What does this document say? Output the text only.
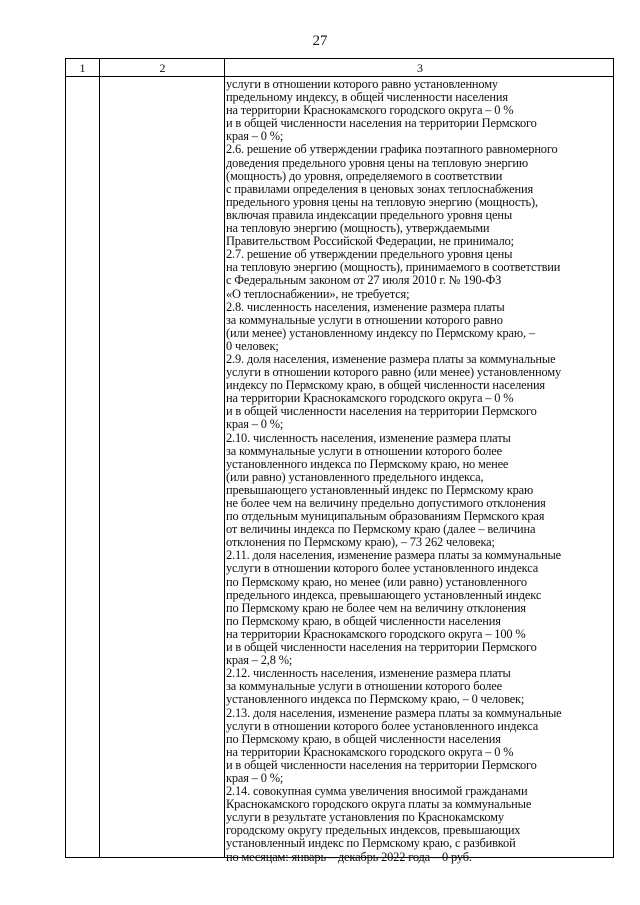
27
1	2	3
услуги в отношении которого равно установленному
предельному индексу, в общей численности населения
на территории Краснокамского городского округа – 0 %
и в общей численности населения на территории Пермского
края – 0 %;
2.6. решение об утверждении графика поэтапного равномерного
доведения предельного уровня цены на тепловую энергию
(мощность) до уровня, определяемого в соответствии
с правилами определения в ценовых зонах теплоснабжения
предельного уровня цены на тепловую энергию (мощность),
включая правила индексации предельного уровня цены
на тепловую энергию (мощность), утверждаемыми
Правительством Российской Федерации, не принимало;
2.7. решение об утверждении предельного уровня цены
на тепловую энергию (мощность), принимаемого в соответствии
с Федеральным законом от 27 июля 2010 г. № 190-ФЗ
«О теплоснабжении», не требуется;
2.8. численность населения, изменение размера платы
за коммунальные услуги в отношении которого равно
(или менее) установленному индексу по Пермскому краю, –
0 человек;
2.9. доля населения, изменение размера платы за коммунальные
услуги в отношении которого равно (или менее) установленному
индексу по Пермскому краю, в общей численности населения
на территории Краснокамского городского округа – 0 %
и в общей численности населения на территории Пермского
края – 0 %;
2.10. численность населения, изменение размера платы
за коммунальные услуги в отношении которого более
установленного индекса по Пермскому краю, но менее
(или равно) установленного предельного индекса,
превышающего установленный индекс по Пермскому краю
не более чем на величину предельно допустимого отклонения
по отдельным муниципальным образованиям Пермского края
от величины индекса по Пермскому краю (далее – величина
отклонения по Пермскому краю), – 73 262 человека;
2.11. доля населения, изменение размера платы за коммунальные
услуги в отношении которого более установленного индекса
по Пермскому краю, но менее (или равно) установленного
предельного индекса, превышающего установленный индекс
по Пермскому краю не более чем на величину отклонения
по Пермскому краю, в общей численности населения
на территории Краснокамского городского округа – 100 %
и в общей численности населения на территории Пермского
края – 2,8 %;
2.12. численность населения, изменение размера платы
за коммунальные услуги в отношении которого более
установленного индекса по Пермскому краю, – 0 человек;
2.13. доля населения, изменение размера платы за коммунальные
услуги в отношении которого более установленного индекса
по Пермскому краю, в общей численности населения
на территории Краснокамского городского округа – 0 %
и в общей численности населения на территории Пермского
края – 0 %;
2.14. совокупная сумма увеличения вносимой гражданами
Краснокамского городского округа платы за коммунальные
услуги в результате установления по Краснокамскому
городскому округу предельных индексов, превышающих
установленный индекс по Пермскому краю, с разбивкой
по месяцам: январь – декабрь 2022 года – 0 руб.
